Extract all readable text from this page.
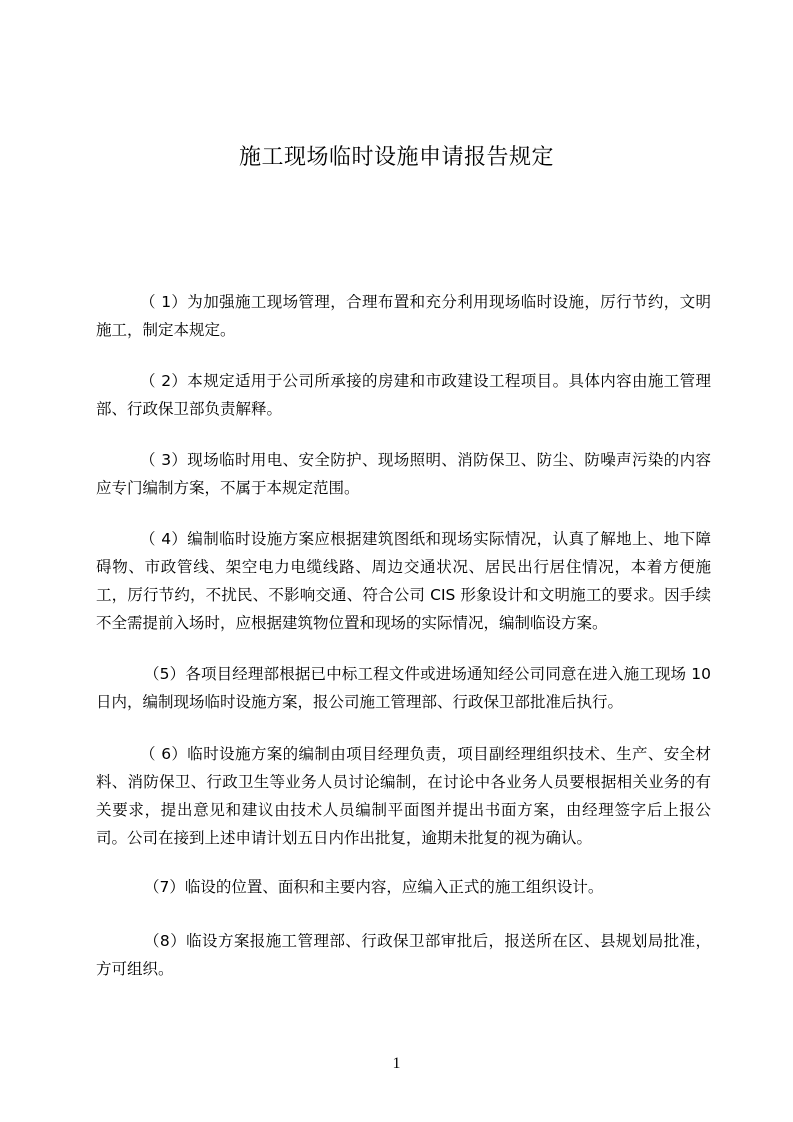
施工现场临时设施申请报告规定

（ 1）为加强施工现场管理，合理布置和充分利用现场临时设施，厉行节约，文明施工，制定本规定。

（ 2）本规定适用于公司所承接的房建和市政建设工程项目。具体内容由施工管理部、行政保卫部负责解释。

（ 3）现场临时用电、安全防护、现场照明、消防保卫、防尘、防噪声污染的内容应专门编制方案，不属于本规定范围。

（ 4）编制临时设施方案应根据建筑图纸和现场实际情况，认真了解地上、地下障碍物、市政管线、架空电力电缆线路、周边交通状况、居民出行居住情况，本着方便施工，厉行节约，不扰民、不影响交通、符合公司 CIS 形象设计和文明施工的要求。因手续不全需提前入场时，应根据建筑物位置和现场的实际情况，编制临设方案。

（5）各项目经理部根据已中标工程文件或进场通知经公司同意在进入施工现场 10 日内，编制现场临时设施方案，报公司施工管理部、行政保卫部批准后执行。

（ 6）临时设施方案的编制由项目经理负责，项目副经理组织技术、生产、安全材料、消防保卫、行政卫生等业务人员讨论编制，在讨论中各业务人员要根据相关业务的有关要求，提出意见和建议由技术人员编制平面图并提出书面方案，由经理签字后上报公司。公司在接到上述申请计划五日内作出批复，逾期未批复的视为确认。

（7）临设的位置、面积和主要内容，应编入正式的施工组织设计。

（8）临设方案报施工管理部、行政保卫部审批后，报送所在区、县规划局批准，方可组织。

1
